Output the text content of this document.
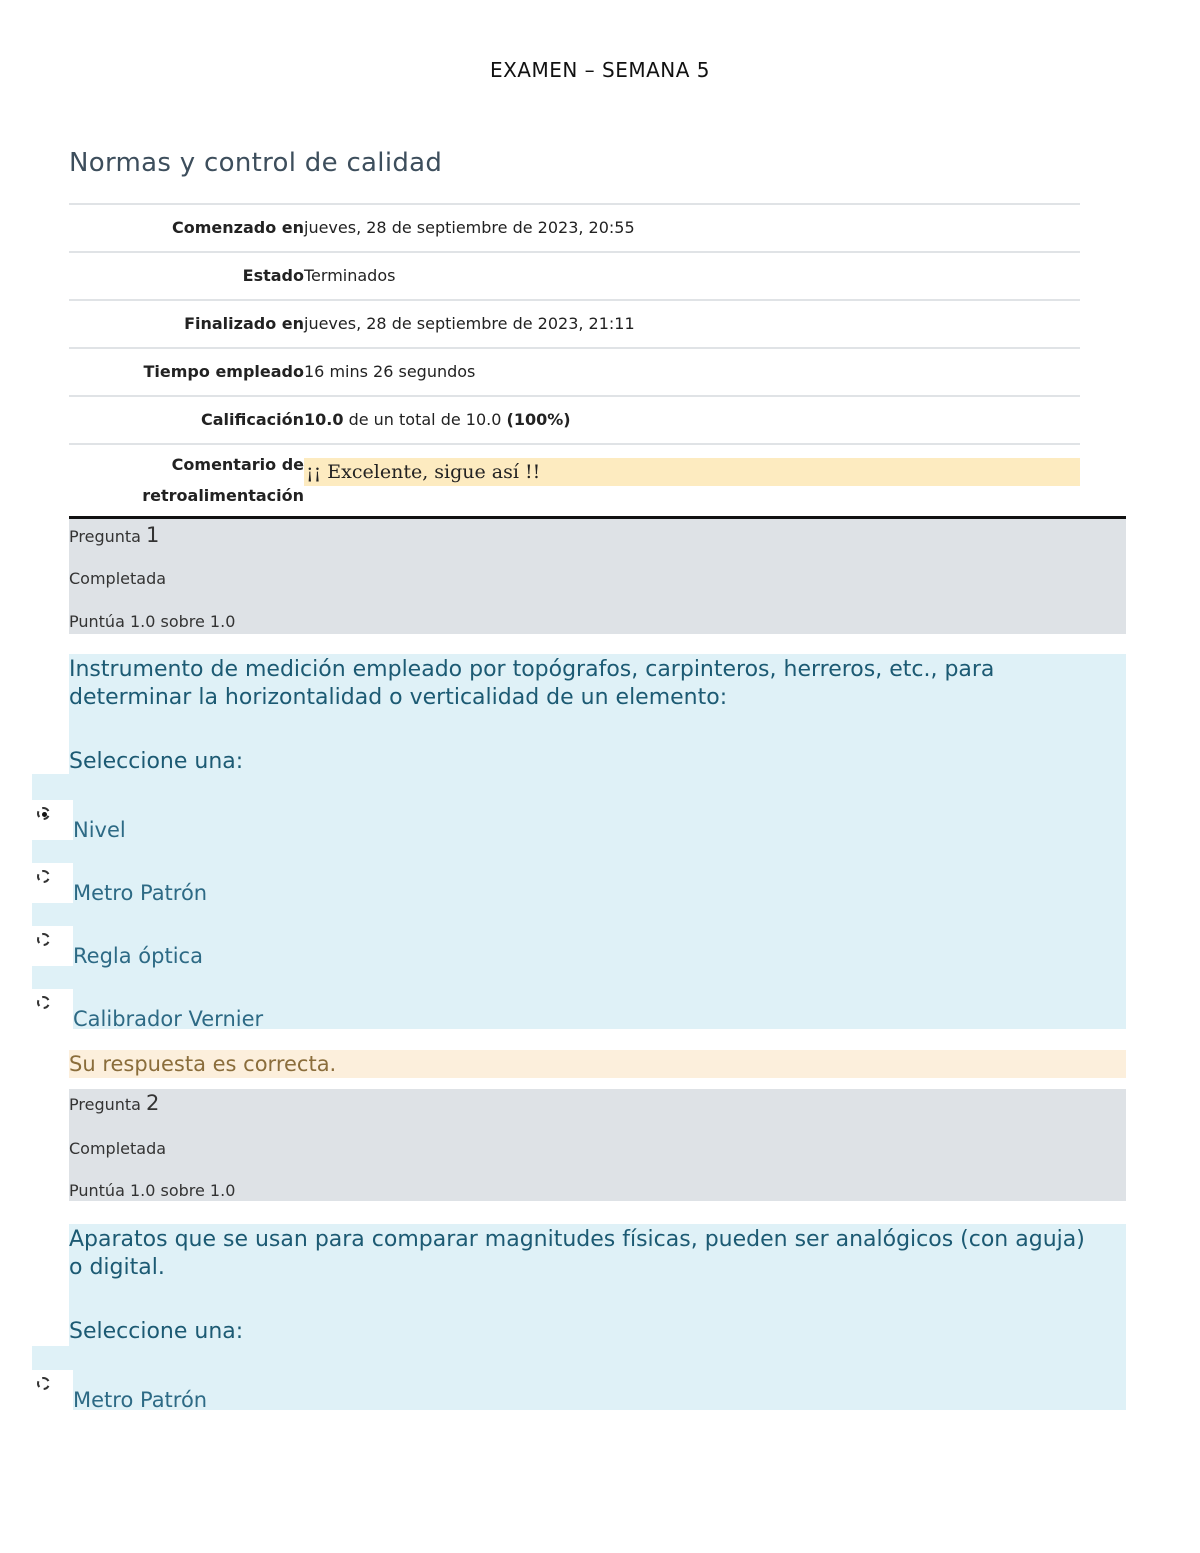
EXAMEN – SEMANA 5
Normas y control de calidad
Comenzado en jueves, 28 de septiembre de 2023, 20:55
Estado Terminados
Finalizado en jueves, 28 de septiembre de 2023, 21:11
Tiempo empleado 16 mins 26 segundos
Calificación 10.0 de un total de 10.0 (100%)
Comentario de
retroalimentación
¡¡ Excelente, sigue así !!
Pregunta 1
Completada
Puntúa 1.0 sobre 1.0
Instrumento de medición empleado por topógrafos, carpinteros, herreros, etc., para determinar la horizontalidad o verticalidad de un elemento:
Seleccione una:
Nivel
Metro Patrón
Regla óptica
Calibrador Vernier
Su respuesta es correcta.
Pregunta 2
Completada
Puntúa 1.0 sobre 1.0
Aparatos que se usan para comparar magnitudes físicas, pueden ser analógicos (con aguja) o digital.
Seleccione una:
Metro Patrón
